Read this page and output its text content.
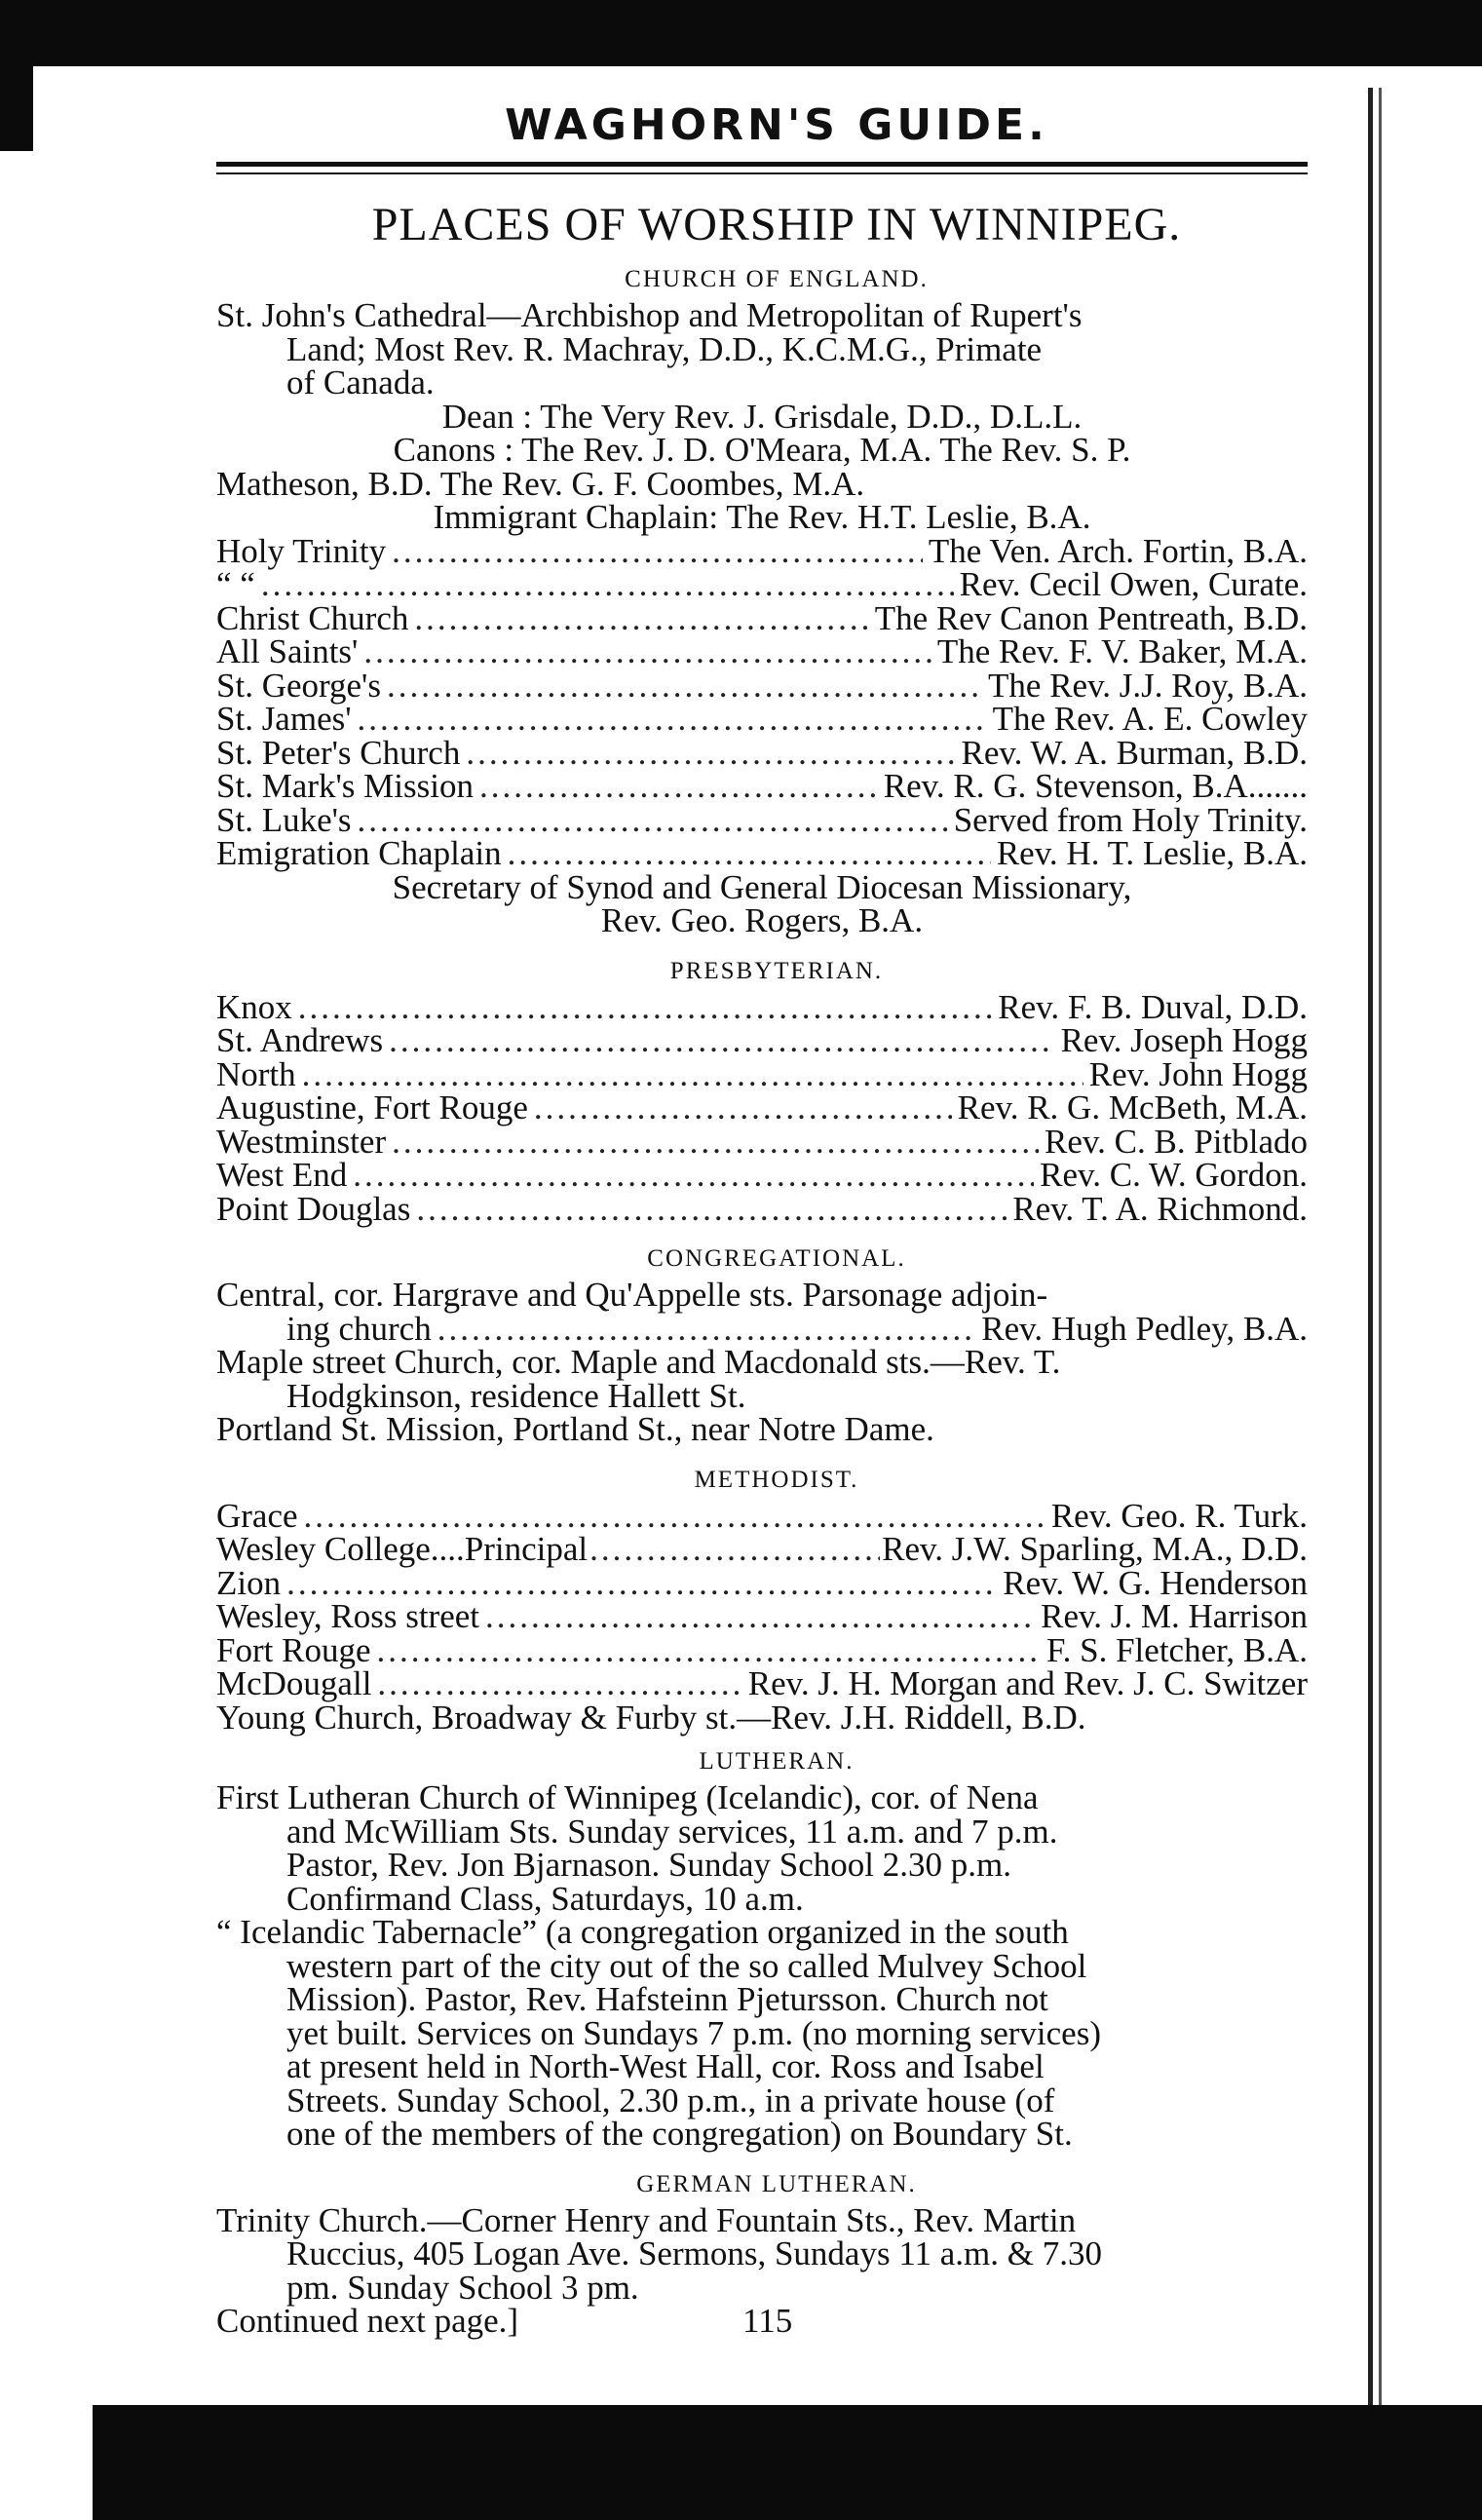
WAGHORN'S GUIDE.
PLACES OF WORSHIP IN WINNIPEG.
CHURCH OF ENGLAND.
St. John's Cathedral—Archbishop and Metropolitan of Rupert's
Land; Most Rev. R. Machray, D.D., K.C.M.G., Primate
of Canada.
Dean : The Very Rev. J. Grisdale, D.D., D.L.L.
Canons : The Rev. J. D. O'Meara, M.A. The Rev. S. P.
Matheson, B.D. The Rev. G. F. Coombes, M.A.
Immigrant Chaplain: The Rev. H.T. Leslie, B.A.
Holy Trinity .....	The Ven. Arch. Fortin, B.A.
“ “ .....	Rev. Cecil Owen, Curate.
Christ Church .....	The Rev Canon Pentreath, B.D.
All Saints' .....	The Rev. F. V. Baker, M.A.
St. George's .....	The Rev. J.J. Roy, B.A.
St. James' .....	The Rev. A. E. Cowley
St. Peter's Church .....	Rev. W. A. Burman, B.D.
St. Mark's Mission .....	Rev. R. G. Stevenson, B.A.......
St. Luke's .....	Served from Holy Trinity.
Emigration Chaplain .....	Rev. H. T. Leslie, B.A.
Secretary of Synod and General Diocesan Missionary,
Rev. Geo. Rogers, B.A.
PRESBYTERIAN.
Knox .....	Rev. F. B. Duval, D.D.
St. Andrews .....	Rev. Joseph Hogg
North .....	Rev. John Hogg
Augustine, Fort Rouge .....	Rev. R. G. McBeth, M.A.
Westminster .....	Rev. C. B. Pitblado
West End .....	Rev. C. W. Gordon.
Point Douglas .....	Rev. T. A. Richmond.
CONGREGATIONAL.
Central, cor. Hargrave and Qu'Appelle sts. Parsonage adjoin-
ing church .....	Rev. Hugh Pedley, B.A.
Maple street Church, cor. Maple and Macdonald sts.—Rev. T.
Hodgkinson, residence Hallett St.
Portland St. Mission, Portland St., near Notre Dame.
METHODIST.
Grace .....	Rev. Geo. R. Turk.
Wesley College....Principal .....	Rev. J.W. Sparling, M.A., D.D.
Zion .....	Rev. W. G. Henderson
Wesley, Ross street .....	Rev. J. M. Harrison
Fort Rouge .....	F. S. Fletcher, B.A.
McDougall .....	Rev. J. H. Morgan and Rev. J. C. Switzer
Young Church, Broadway & Furby st.—Rev. J.H. Riddell, B.D.
LUTHERAN.
First Lutheran Church of Winnipeg (Icelandic), cor. of Nena
and McWilliam Sts. Sunday services, 11 a.m. and 7 p.m.
Pastor, Rev. Jon Bjarnason. Sunday School 2.30 p.m.
Confirmand Class, Saturdays, 10 a.m.
“ Icelandic Tabernacle” (a congregation organized in the south
western part of the city out of the so called Mulvey School
Mission). Pastor, Rev. Hafsteinn Pjetursson. Church not
yet built. Services on Sundays 7 p.m. (no morning services)
at present held in North-West Hall, cor. Ross and Isabel
Streets. Sunday School, 2.30 p.m., in a private house (of
one of the members of the congregation) on Boundary St.
GERMAN LUTHERAN.
Trinity Church.—Corner Henry and Fountain Sts., Rev. Martin
Ruccius, 405 Logan Ave. Sermons, Sundays 11 a.m. & 7.30
pm. Sunday School 3 pm.
Continued next page.]	115
